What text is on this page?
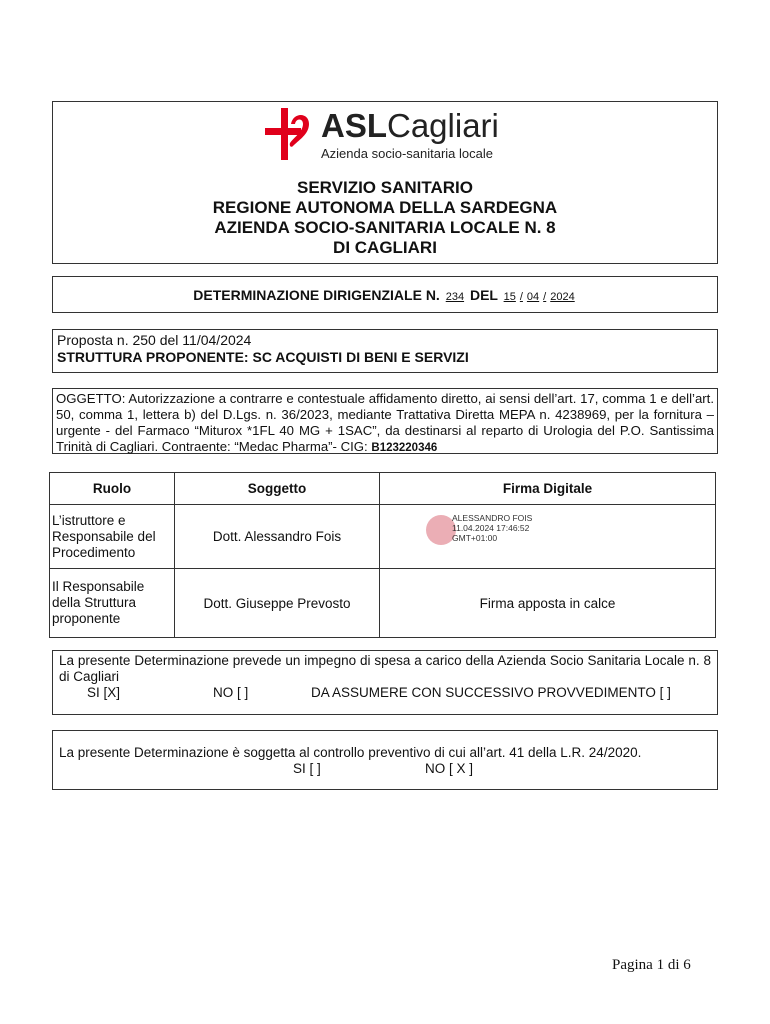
ASLCagliari
Azienda socio-sanitaria locale
SERVIZIO SANITARIO
REGIONE AUTONOMA DELLA SARDEGNA
AZIENDA SOCIO-SANITARIA LOCALE N. 8
DI CAGLIARI
DETERMINAZIONE DIRIGENZIALE N. 234 DEL 15 / 04 / 2024
Proposta n. 250 del 11/04/2024
STRUTTURA PROPONENTE: SC ACQUISTI DI BENI E SERVIZI
OGGETTO: Autorizzazione a contrarre e contestuale affidamento diretto, ai sensi dell’art. 17, comma 1 e dell’art. 50, comma 1, lettera b) del D.Lgs. n. 36/2023, mediante Trattativa Diretta MEPA n. 4238969, per la fornitura – urgente - del Farmaco “Miturox *1FL 40 MG + 1SAC”, da destinarsi al reparto di Urologia del P.O. Santissima Trinità di Cagliari. Contraente: “Medac Pharma”- CIG: B123220346
Ruolo	Soggetto	Firma Digitale
L’istruttore e Responsabile del Procedimento	Dott. Alessandro Fois	ALESSANDRO FOIS
11.04.2024 17:46:52
GMT+01:00

Il Responsabile della Struttura proponente	Dott. Giuseppe Prevosto	Firma apposta in calce
La presente Determinazione prevede un impegno di spesa a carico della Azienda Socio Sanitaria Locale n. 8 di Cagliari
SI [X]	NO [ ]	DA ASSUMERE CON SUCCESSIVO PROVVEDIMENTO [ ]
La presente Determinazione è soggetta al controllo preventivo di cui all’art. 41 della L.R. 24/2020.
SI [ ]	NO [ X ]
Pagina 1 di 6
